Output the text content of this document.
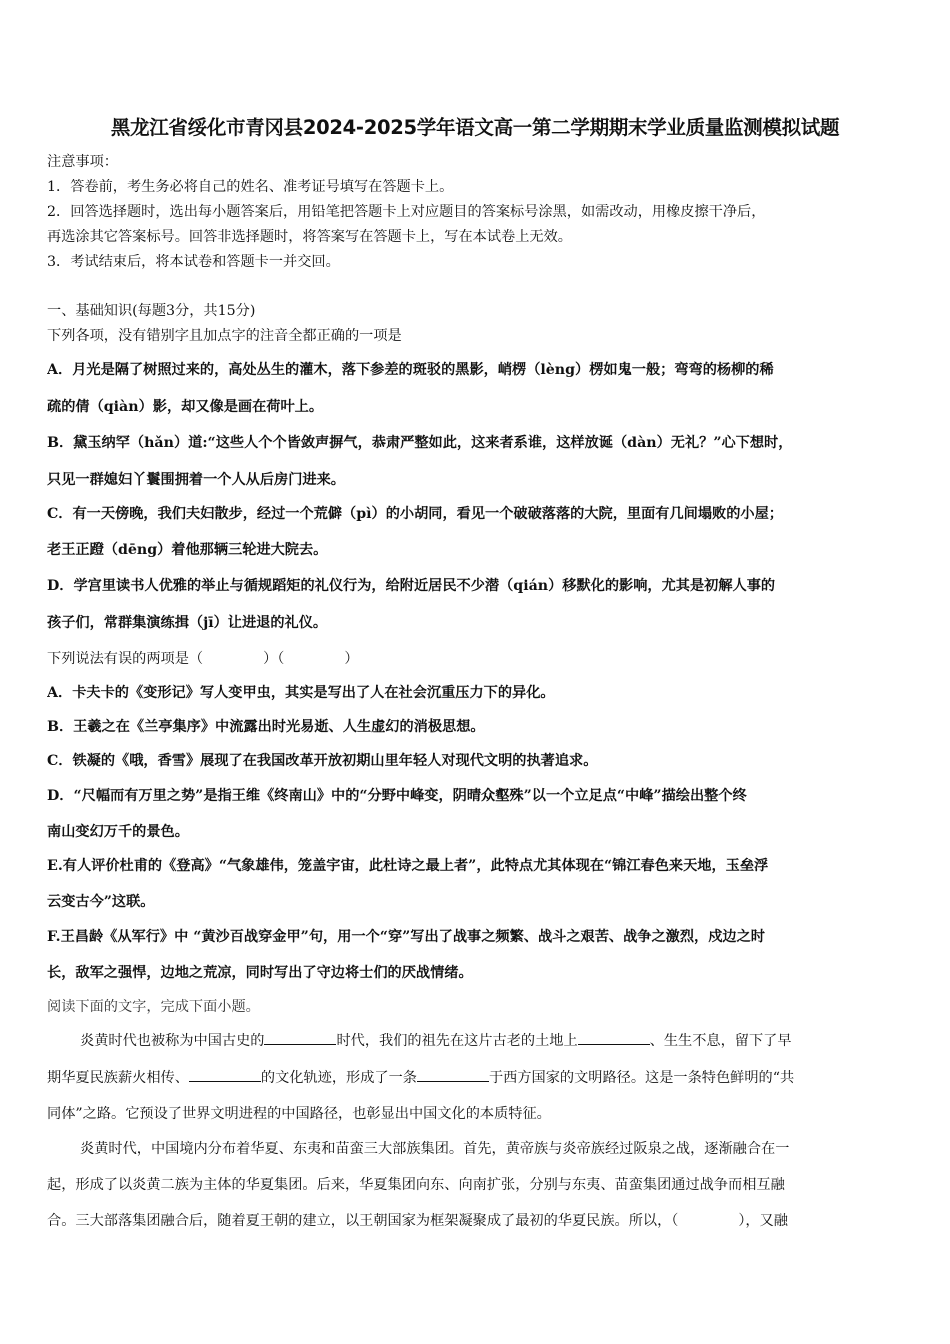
黑龙江省绥化市青冈县2024-2025学年语文高一第二学期期末学业质量监测模拟试题
注意事项：
1．答卷前，考生务必将自己的姓名、准考证号填写在答题卡上。
2．回答选择题时，选出每小题答案后，用铅笔把答题卡上对应题目的答案标号涂黑，如需改动，用橡皮擦干净后，
再选涂其它答案标号。回答非选择题时，将答案写在答题卡上，写在本试卷上无效。
3．考试结束后，将本试卷和答题卡一并交回。
一、基础知识(每题3分，共15分)
下列各项，没有错别字且加点字的注音全都正确的一项是
A．月光是隔了树照过来的，高处丛生的灌木，落下参差的斑驳的黑影，峭楞（lèng）楞如鬼一般；弯弯的杨柳的稀
疏的倩（qiàn）影，却又像是画在荷叶上。
B．黛玉纳罕（hǎn）道:“这些人个个皆敛声摒气，恭肃严整如此，这来者系谁，这样放诞（dàn）无礼？”心下想时，
只见一群媳妇丫鬟围拥着一个人从后房门进来。
C．有一天傍晚，我们夫妇散步，经过一个荒僻（pì）的小胡同，看见一个破破落落的大院，里面有几间塌败的小屋；
老王正蹬（dēng）着他那辆三轮进大院去。
D．学宫里读书人优雅的举止与循规蹈矩的礼仪行为，给附近居民不少潜（qián）移默化的影响，尤其是初解人事的
孩子们，常群集演练揖（jī）让进退的礼仪。
下列说法有误的两项是（	）（	）
A．卡夫卡的《变形记》写人变甲虫，其实是写出了人在社会沉重压力下的异化。
B．王羲之在《兰亭集序》中流露出时光易逝、人生虚幻的消极思想。
C．铁凝的《哦，香雪》展现了在我国改革开放初期山里年轻人对现代文明的执著追求。
D．“尺幅而有万里之势”是指王维《终南山》中的“分野中峰变，阴晴众壑殊”以一个立足点“中峰”描绘出整个终
南山变幻万千的景色。
E.有人评价杜甫的《登高》“气象雄伟，笼盖宇宙，此杜诗之最上者”，此特点尤其体现在“锦江春色来天地，玉垒浮
云变古今”这联。
F.王昌龄《从军行》中 “黄沙百战穿金甲”句，用一个“穿”写出了战事之频繁、战斗之艰苦、战争之激烈，戍边之时
长，敌军之强悍，边地之荒凉，同时写出了守边将士们的厌战情绪。
阅读下面的文字，完成下面小题。
炎黄时代也被称为中国古史的	时代，我们的祖先在这片古老的土地上	、生生不息，留下了早
期华夏民族薪火相传、	的文化轨迹，形成了一条	于西方国家的文明路径。这是一条特色鲜明的“共
同体”之路。它预设了世界文明进程的中国路径，也彰显出中国文化的本质特征。
炎黄时代，中国境内分布着华夏、东夷和苗蛮三大部族集团。首先，黄帝族与炎帝族经过阪泉之战，逐渐融合在一
起，形成了以炎黄二族为主体的华夏集团。后来，华夏集团向东、向南扩张，分别与东夷、苗蛮集团通过战争而相互融
合。三大部落集团融合后，随着夏王朝的建立，以王朝国家为框架凝聚成了最初的华夏民族。所以，（	），又融
